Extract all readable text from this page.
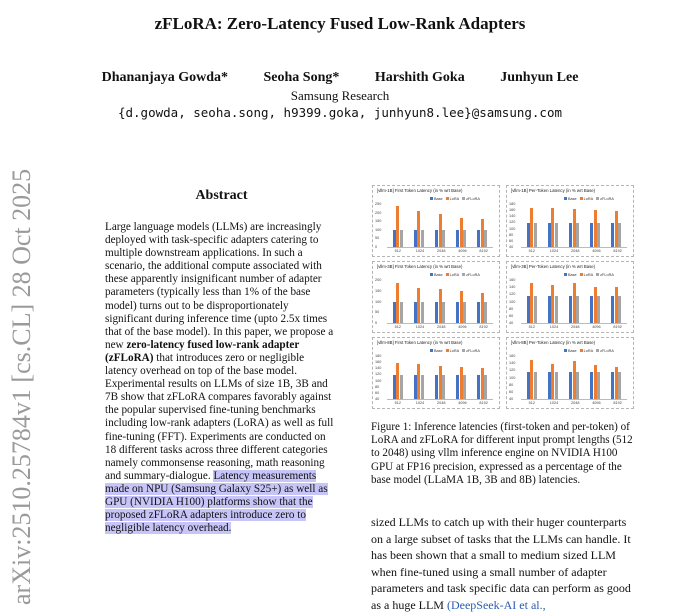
zFLoRA: Zero-Latency Fused Low-Rank Adapters
Dhananjaya Gowda*	Seoha Song*	Harshith Goka	Junhyun Lee
Samsung Research
{d.gowda, seoha.song, h9399.goka, junhyun8.lee}@samsung.com
arXiv:2510.25784v1 [cs.CL] 28 Oct 2025	Abstract
Large language models (LLMs) are increasingly deployed with task-specific adapters catering to multiple downstream applications. In such a scenario, the additional compute associated with these apparently insignificant number of adapter parameters (typically less than 1% of the base model) turns out to be disproportionately significant during inference time (upto 2.5x times that of the base model). In this paper, we propose a new zero-latency fused low-rank adapter (zFLoRA) that introduces zero or negligible latency overhead on top of the base model. Experimental results on LLMs of size 1B, 3B and 7B show that zFLoRA compares favorably against the popular supervised fine-tuning benchmarks including low-rank adapters (LoRA) as well as full fine-tuning (FFT). Experiments are conducted on 18 different tasks across three different categories namely commonsense reasoning, math reasoning and summary-dialogue. Latency measurements made on NPU (Samsung Galaxy S25+) as well as GPU (NVIDIA H100) platforms show that the proposed zFLoRA adapters introduce zero to negligible latency overhead.
[vllm-1B] First Token Latency (in % wrt Base)
Base LoRA zFLoRA
250
200
150
100
50
0
512	1024	2048	4096	8192
[vllm-1B] Per-Token Latency (in % wrt Base)
Base LoRA zFLoRA
180
160
140
120
100
80
60
40
512	1024	2048	4096	8192
[vllm-3B] First Token Latency (in % wrt Base)
Base LoRA zFLoRA
200
150
100
50
0
512	1024	2048	4096	8192
[vllm-3B] Per-Token Latency (in % wrt Base)
Base LoRA zFLoRA
160
140
120
100
80
60
40
512	1024	2048	4096	8192
[vllm-8B] First Token Latency (in % wrt Base)
Base LoRA zFLoRA
180
160
140
120
100
80
60
40
512	1024	2048	4096	8192
[vllm-8B] Per-Token Latency (in % wrt Base)
Base LoRA zFLoRA
160
140
120
100
80
60
40
512	1024	2048	4096	8192
Figure 1: Inference latencies (first-token and per-token) of LoRA and zFLoRA for different input prompt lengths (512 to 2048) using vllm inference engine on NVIDIA H100 GPU at FP16 precision, expressed as a percentage of the base model (LLaMA 1B, 3B and 8B) latencies.
sized LLMs to catch up with their huger counterparts on a large subset of tasks that the LLMs can handle. It has been shown that a small to medium sized LLM when fine-tuned using a small number of adapter parameters and task specific data can perform as good as a huge LLM (DeepSeek-AI et al.,
